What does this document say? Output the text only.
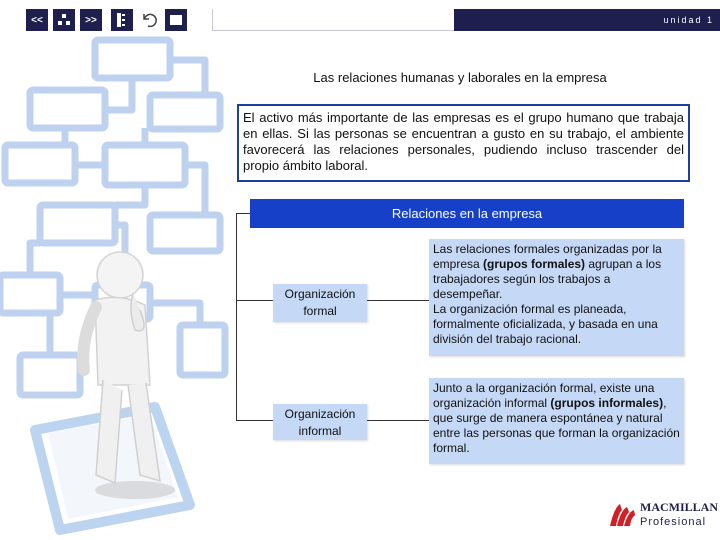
<<	>>	unidad 1
Las relaciones humanas y laborales en la empresa
El activo más importante de las empresas es el grupo humano que trabaja en ellas. Si las personas se encuentran a gusto en su trabajo, el ambiente favorecerá las relaciones personales, pudiendo incluso trascender del propio ámbito laboral.
Relaciones en la empresa
Organización formal
Las relaciones formales organizadas por la empresa (grupos formales) agrupan a los trabajadores según los trabajos a desempeñar.
La organización formal es planeada, formalmente oficializada, y basada en una división del trabajo racional.
Organización informal
Junto a la organización formal, existe una organización informal (grupos informales), que surge de manera espontánea y natural entre las personas que forman la organización formal.
MACMILLAN
Profesional
